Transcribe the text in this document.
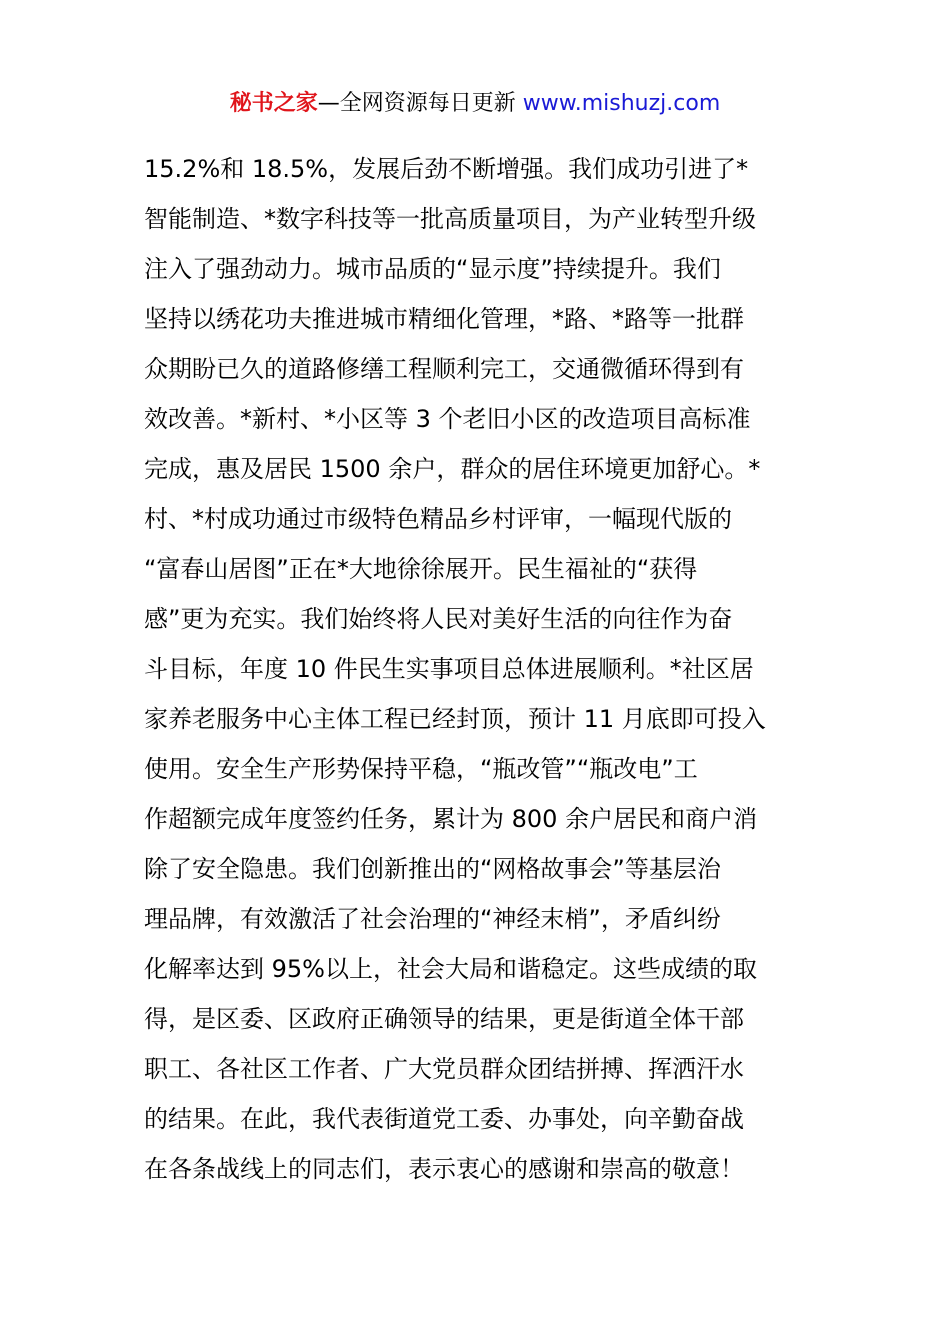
秘书之家—全网资源每日更新 www.mishuzj.com
15.2%和 18.5%，发展后劲不断增强。我们成功引进了*
智能制造、*数字科技等一批高质量项目，为产业转型升级
注入了强劲动力。城市品质的“显示度”持续提升。我们
坚持以绣花功夫推进城市精细化管理，*路、*路等一批群
众期盼已久的道路修缮工程顺利完工，交通微循环得到有
效改善。*新村、*小区等 3 个老旧小区的改造项目高标准
完成，惠及居民 1500 余户，群众的居住环境更加舒心。*
村、*村成功通过市级特色精品乡村评审，一幅现代版的
“富春山居图”正在*大地徐徐展开。民生福祉的“获得
感”更为充实。我们始终将人民对美好生活的向往作为奋
斗目标，年度 10 件民生实事项目总体进展顺利。*社区居
家养老服务中心主体工程已经封顶，预计 11 月底即可投入
使用。安全生产形势保持平稳，“瓶改管”“瓶改电”工
作超额完成年度签约任务，累计为 800 余户居民和商户消
除了安全隐患。我们创新推出的“网格故事会”等基层治
理品牌，有效激活了社会治理的“神经末梢”，矛盾纠纷
化解率达到 95%以上，社会大局和谐稳定。这些成绩的取
得，是区委、区政府正确领导的结果，更是街道全体干部
职工、各社区工作者、广大党员群众团结拼搏、挥洒汗水
的结果。在此，我代表街道党工委、办事处，向辛勤奋战
在各条战线上的同志们，表示衷心的感谢和崇高的敬意！
